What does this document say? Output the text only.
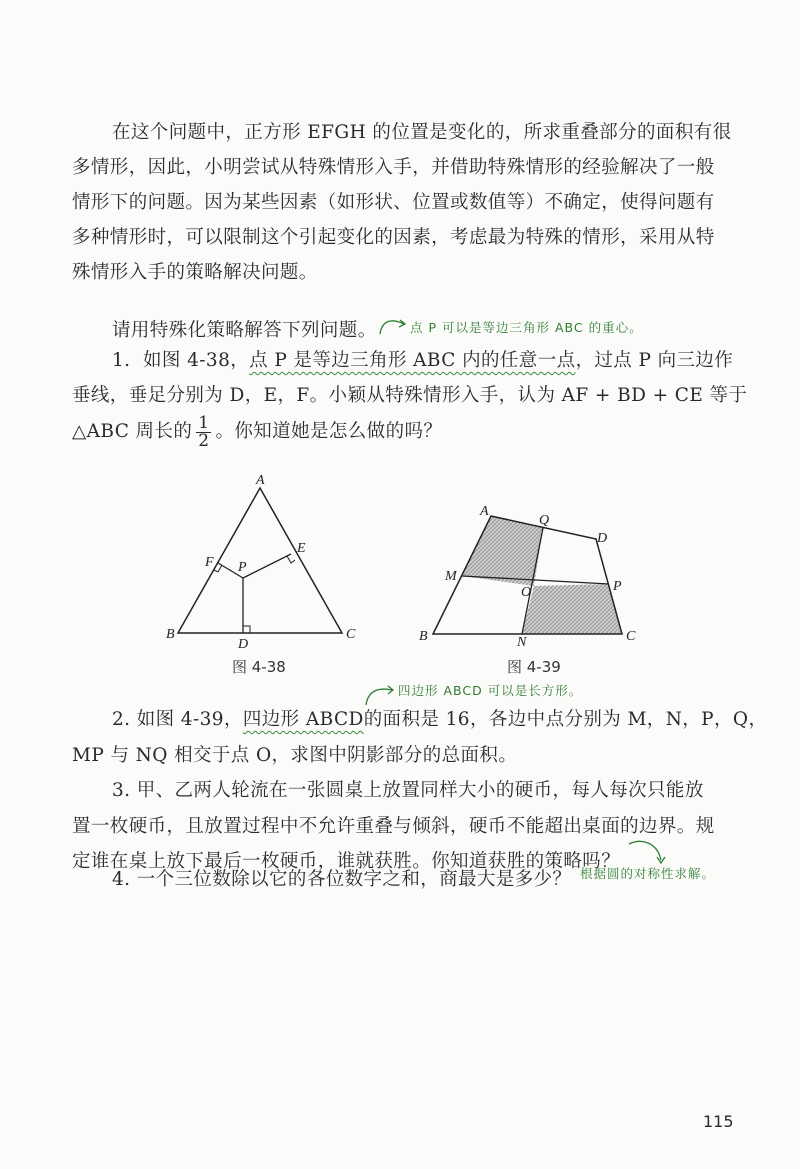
在这个问题中，正方形 EFGH 的位置是变化的，所求重叠部分的面积有很多情形，因此，小明尝试从特殊情形入手，并借助特殊情形的经验解决了一般情形下的问题。因为某些因素（如形状、位置或数值等）不确定，使得问题有多种情形时，可以限制这个引起变化的因素，考虑最为特殊的情形，采用从特殊情形入手的策略解决问题。

请用特殊化策略解答下列问题。	点 P 可以是等边三角形 ABC 的重心。
1. 如图 4-38，点 P 是等边三角形 ABC 内的任意一点，过点 P 向三边作
垂线，垂足分别为 D，E，F。小颖从特殊情形入手，认为 AF + BD + CE 等于
△ABC 周长的 $\frac{1}{2}$ 。你知道她是怎么做的吗？
A
B	C
D
E
F P
图 4-38
A
B	C
D
M
N
P
Q
O
图 4-39
四边形 ABCD 可以是长方形。
2. 如图 4-39，四边形 ABCD的面积是 16，各边中点分别为 M，N，P，Q，
MP 与 NQ 相交于点 O，求图中阴影部分的总面积。
3. 甲、乙两人轮流在一张圆桌上放置同样大小的硬币，每人每次只能放
置一枚硬币，且放置过程中不允许重叠与倾斜，硬币不能超出桌面的边界。规
定谁在桌上放下最后一枚硬币，谁就获胜。你知道获胜的策略吗？
根据圆的对称性求解。
4. 一个三位数除以它的各位数字之和，商最大是多少？
115
